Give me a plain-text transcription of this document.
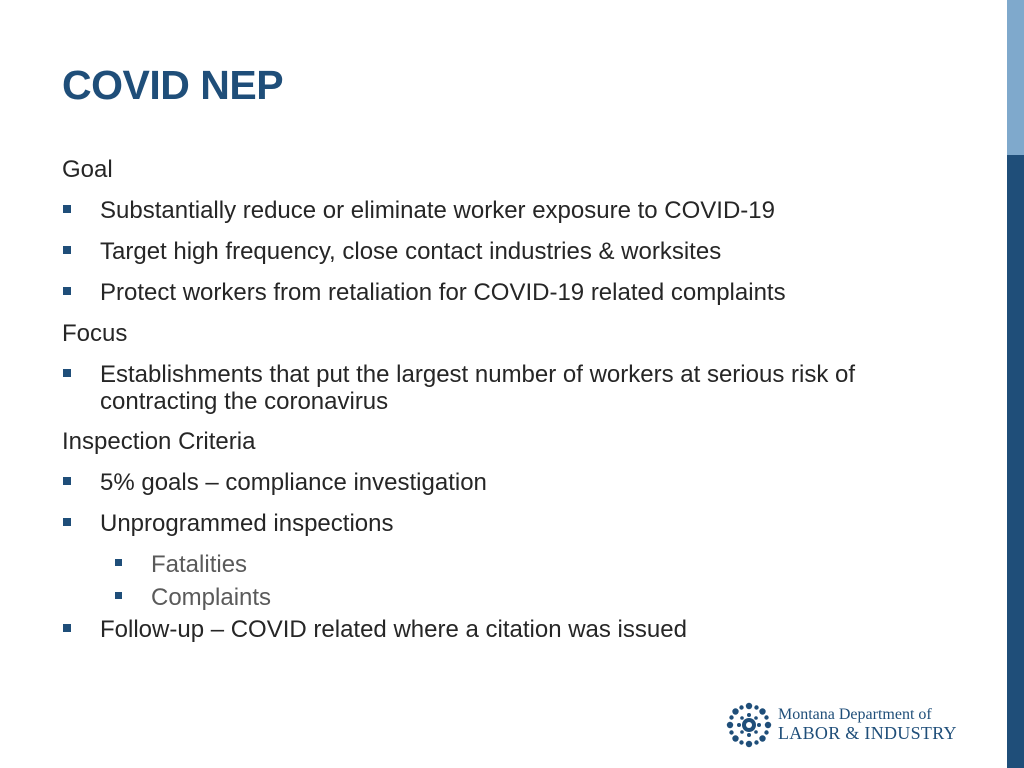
COVID NEP
Goal
Substantially reduce or eliminate worker exposure to COVID-19
Target high frequency, close contact industries & worksites
Protect workers from retaliation for COVID-19 related complaints
Focus
Establishments that put the largest number of workers at serious risk of contracting the coronavirus
Inspection Criteria
5% goals – compliance investigation
Unprogrammed inspections
Fatalities
Complaints
Follow-up – COVID related where a citation was issued
Montana Department of
LABOR & INDUSTRY
